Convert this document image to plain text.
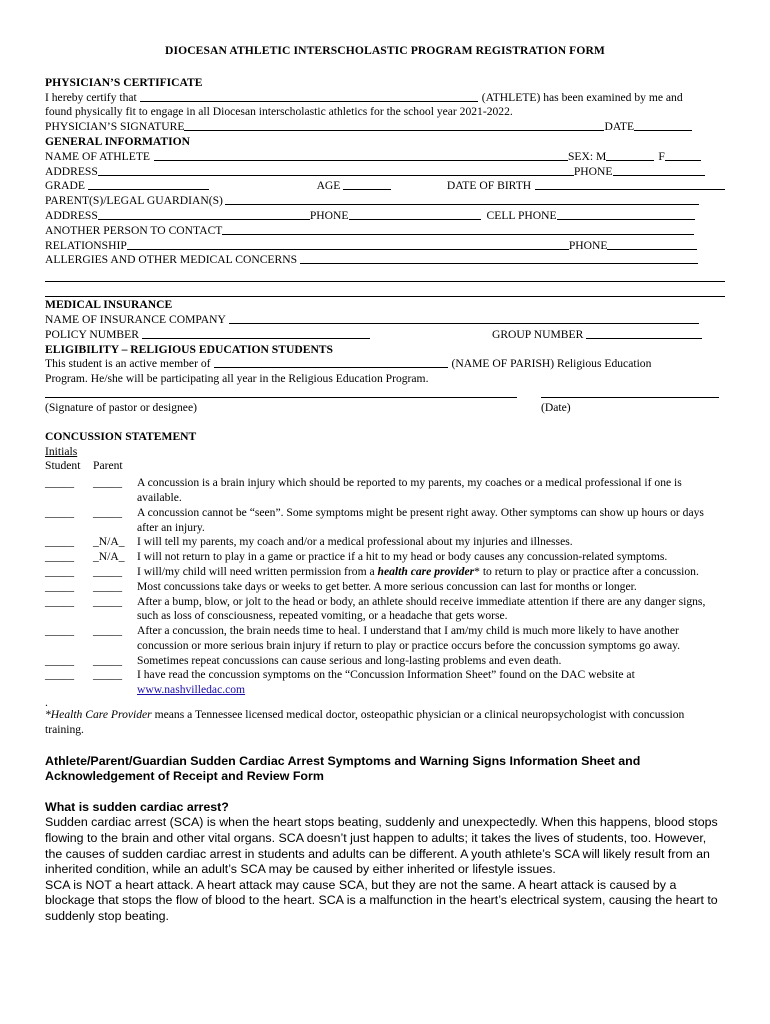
DIOCESAN ATHLETIC INTERSCHOLASTIC PROGRAM REGISTRATION FORM
PHYSICIAN’S CERTIFICATE
I hereby certify that	(ATHLETE) has been examined by me and
found physically fit to engage in all Diocesan interscholastic athletics for the school year 2021-2022.
PHYSICIAN’S SIGNATURE	DATE
GENERAL INFORMATION
NAME OF ATHLETE	SEX: M	F
ADDRESS	PHONE
GRADE	AGE	DATE OF BIRTH
PARENT(S)/LEGAL GUARDIAN(S)
ADDRESS	PHONE	CELL PHONE
ANOTHER PERSON TO CONTACT
RELATIONSHIP	PHONE
ALLERGIES AND OTHER MEDICAL CONCERNS
MEDICAL INSURANCE
NAME OF INSURANCE COMPANY
POLICY NUMBER	GROUP NUMBER
ELIGIBILITY – RELIGIOUS EDUCATION STUDENTS
This student is an active member of	(NAME OF PARISH) Religious Education
Program. He/she will be participating all year in the Religious Education Program.
(Signature of pastor or designee)	(Date)
CONCUSSION STATEMENT
Initials
Student	Parent
_____	_____	A concussion is a brain injury which should be reported to my parents, my coaches or a medical professional if one is available.
_____	_____	A concussion cannot be “seen”. Some symptoms might be present right away. Other symptoms can show up hours or days after an injury.
_____	_N/A_	I will tell my parents, my coach and/or a medical professional about my injuries and illnesses.
_____	_N/A_	I will not return to play in a game or practice if a hit to my head or body causes any concussion-related symptoms.
_____	_____	I will/my child will need written permission from a health care provider* to return to play or practice after a concussion.
_____	_____	Most concussions take days or weeks to get better. A more serious concussion can last for months or longer.
_____	_____	After a bump, blow, or jolt to the head or body, an athlete should receive immediate attention if there are any danger signs, such as loss of consciousness, repeated vomiting, or a headache that gets worse.
_____	_____	After a concussion, the brain needs time to heal. I understand that I am/my child is much more likely to have another concussion or more serious brain injury if return to play or practice occurs before the concussion symptoms go away.
_____	_____	Sometimes repeat concussions can cause serious and long-lasting problems and even death.
_____	_____	I have read the concussion symptoms on the “Concussion Information Sheet” found on the DAC website at
www.nashvilledac.com
.
*Health Care Provider means a Tennessee licensed medical doctor, osteopathic physician or a clinical neuropsychologist with concussion training.
Athlete/Parent/Guardian Sudden Cardiac Arrest Symptoms and Warning Signs Information Sheet and Acknowledgement of Receipt and Review Form
What is sudden cardiac arrest?
Sudden cardiac arrest (SCA) is when the heart stops beating, suddenly and unexpectedly. When this happens, blood stops flowing to the brain and other vital organs. SCA doesn’t just happen to adults; it takes the lives of students, too. However, the causes of sudden cardiac arrest in students and adults can be different. A youth athlete’s SCA will likely result from an inherited condition, while an adult’s SCA may be caused by either inherited or lifestyle issues.
SCA is NOT a heart attack. A heart attack may cause SCA, but they are not the same. A heart attack is caused by a blockage that stops the flow of blood to the heart. SCA is a malfunction in the heart’s electrical system, causing the heart to suddenly stop beating.
